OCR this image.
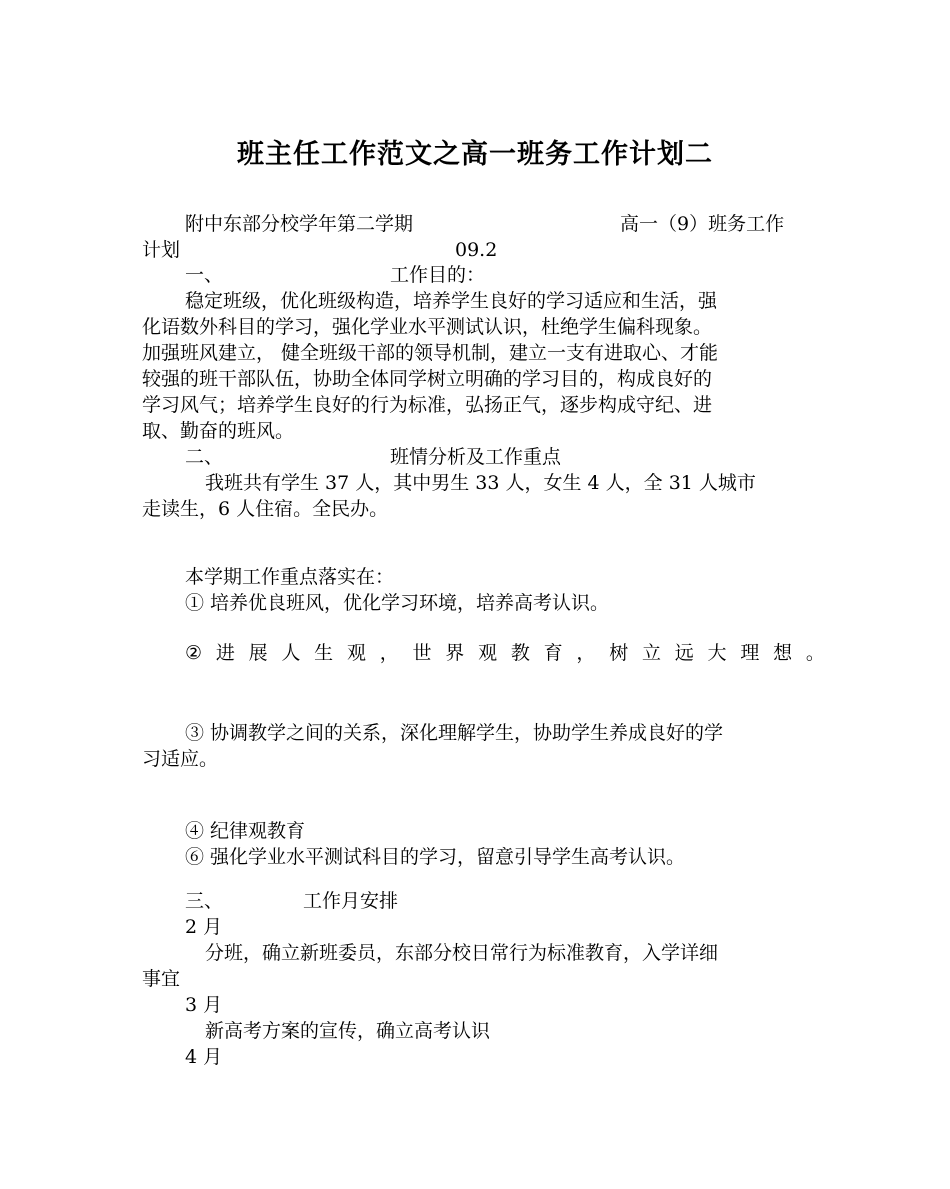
班主任工作范文之高一班务工作计划二
附中东部分校学年第二学期	高一（9）班务工作
计划	09.2
一、	工作目的：
稳定班级，优化班级构造，培养学生良好的学习适应和生活，强
化语数外科目的学习，强化学业水平测试认识，杜绝学生偏科现象。
加强班风建立， 健全班级干部的领导机制，建立一支有进取心、才能
较强的班干部队伍，协助全体同学树立明确的学习目的，构成良好的
学习风气；培养学生良好的行为标准，弘扬正气，逐步构成守纪、进
取、勤奋的班风。
二、	班情分析及工作重点
我班共有学生 37 人，其中男生 33 人，女生 4 人，全 31 人城市
走读生，6 人住宿。全民办。
本学期工作重点落实在：
① 培养优良班风，优化学习环境，培养高考认识。
② 进 展 人 生 观 ， 世 界 观 教 育 ， 树 立 远 大 理 想 。
③ 协调教学之间的关系，深化理解学生，协助学生养成良好的学
习适应。
④ 纪律观教育
⑥ 强化学业水平测试科目的学习，留意引导学生高考认识。
三、	工作月安排
2 月
分班，确立新班委员，东部分校日常行为标准教育，入学详细
事宜
3 月
新高考方案的宣传，确立高考认识
4 月
